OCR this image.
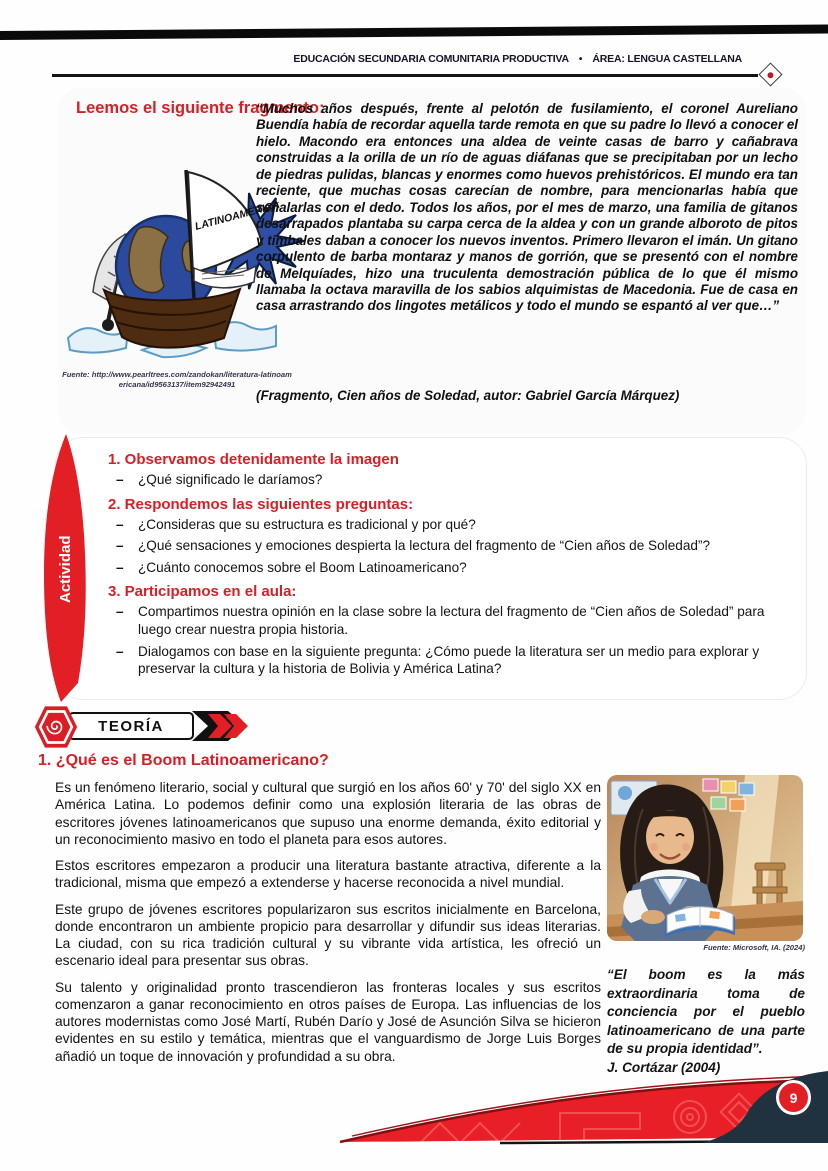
EDUCACIÓN SECUNDARIA COMUNITARIA PRODUCTIVA • ÁREA: LENGUA CASTELLANA
Leemos el siguiente fragmento:
LATINOAMÉRICA
Fuente: http://www.pearltrees.com/zandokan/literatura-latinoamericana/id9563137/item92942491
“Muchos años después, frente al pelotón de fusilamiento, el coronel Aureliano Buendía había de recordar aquella tarde remota en que su padre lo llevó a conocer el hielo. Macondo era entonces una aldea de veinte casas de barro y cañabrava construidas a la orilla de un río de aguas diáfanas que se precipitaban por un lecho de piedras pulidas, blancas y enormes como huevos prehistóricos. El mundo era tan reciente, que muchas cosas carecían de nombre, para mencionarlas había que señalarlas con el dedo. Todos los años, por el mes de marzo, una familia de gitanos desarrapados plantaba su carpa cerca de la aldea y con un grande alboroto de pitos y timbales daban a conocer los nuevos inventos. Primero llevaron el imán. Un gitano corpulento de barba montaraz y manos de gorrión, que se presentó con el nombre de Melquíades, hizo una truculenta demostración pública de lo que él mismo llamaba la octava maravilla de los sabios alquimistas de Macedonia. Fue de casa en casa arrastrando dos lingotes metálicos y todo el mundo se espantó al ver que…”
(Fragmento, Cien años de Soledad, autor: Gabriel García Márquez)
Actividad
1. Observamos detenidamente la imagen
– ¿Qué significado le daríamos?
2. Respondemos las siguientes preguntas:
– ¿Consideras que su estructura es tradicional y por qué?
– ¿Qué sensaciones y emociones despierta la lectura del fragmento de “Cien años de Soledad”?
– ¿Cuánto conocemos sobre el Boom Latinoamericano?
3. Participamos en el aula:
– Compartimos nuestra opinión en la clase sobre la lectura del fragmento de “Cien años de Soledad” para luego crear nuestra propia historia.
– Dialogamos con base en la siguiente pregunta: ¿Cómo puede la literatura ser un medio para explorar y preservar la cultura y la historia de Bolivia y América Latina?
TEORÍA
1. ¿Qué es el Boom Latinoamericano?

Es un fenómeno literario, social y cultural que surgió en los años 60' y 70' del siglo XX en América Latina. Lo podemos definir como una explosión literaria de las obras de escritores jóvenes latinoamericanos que supuso una enorme demanda, éxito editorial y un reconocimiento masivo en todo el planeta para esos autores.

Estos escritores empezaron a producir una literatura bastante atractiva, diferente a la tradicional, misma que empezó a extenderse y hacerse reconocida a nivel mundial.

Este grupo de jóvenes escritores popularizaron sus escritos inicialmente en Barcelona, donde encontraron un ambiente propicio para desarrollar y difundir sus ideas literarias. La ciudad, con su rica tradición cultural y su vibrante vida artística, les ofreció un escenario ideal para presentar sus obras.

Su talento y originalidad pronto trascendieron las fronteras locales y sus escritos comenzaron a ganar reconocimiento en otros países de Europa. Las influencias de los autores modernistas como José Martí, Rubén Darío y José de Asunción Silva se hicieron evidentes en su estilo y temática, mientras que el vanguardismo de Jorge Luis Borges añadió un toque de innovación y profundidad a su obra.

Fuente: Microsoft, IA. (2024)
“El boom es la más extraordinaria toma de conciencia por el pueblo latinoamericano de una parte de su propia identidad”.
J. Cortázar (2004)
9
